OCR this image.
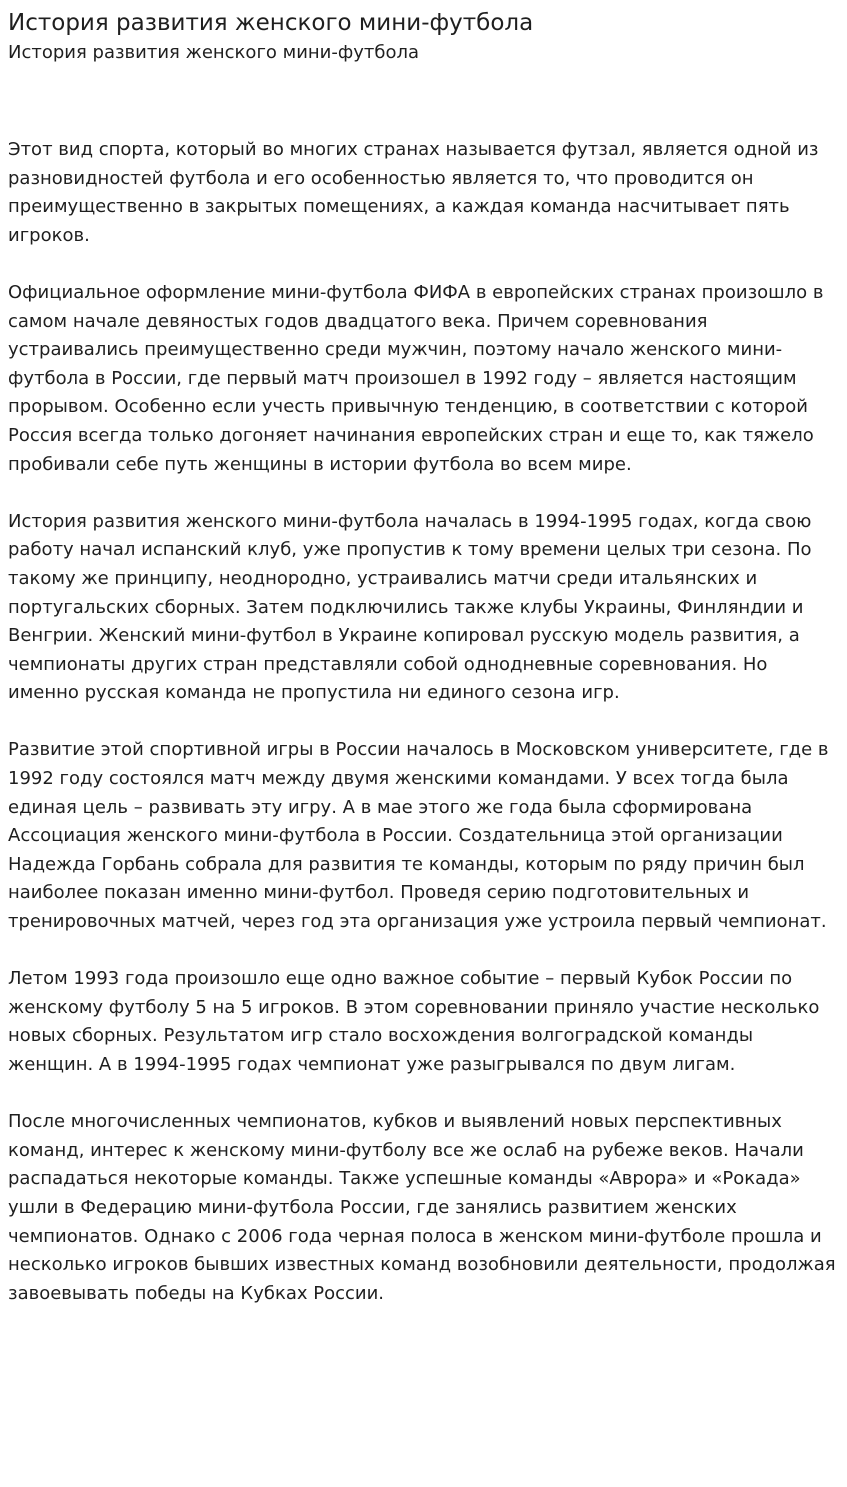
История развития женского мини-футбола
История развития женского мини-футбола

Этот вид спорта, который во многих странах называется футзал, является одной из разновидностей футбола и его особенностью является то, что проводится он преимущественно в закрытых помещениях, а каждая команда насчитывает пять игроков.

Официальное оформление мини-футбола ФИФА в европейских странах произошло в самом начале девяностых годов двадцатого века. Причем соревнования устраивались преимущественно среди мужчин, поэтому начало женского мини-футбола в России, где первый матч произошел в 1992 году – является настоящим прорывом. Особенно если учесть привычную тенденцию, в соответствии с которой Россия всегда только догоняет начинания европейских стран и еще то, как тяжело пробивали себе путь женщины в истории футбола во всем мире.

История развития женского мини-футбола началась в 1994-1995 годах, когда свою работу начал испанский клуб, уже пропустив к тому времени целых три сезона. По такому же принципу, неоднородно, устраивались матчи среди итальянских и португальских сборных. Затем подключились также клубы Украины, Финляндии и Венгрии. Женский мини-футбол в Украине копировал русскую модель развития, а чемпионаты других стран представляли собой однодневные соревнования. Но именно русская команда не пропустила ни единого сезона игр.

Развитие этой спортивной игры в России началось в Московском университете, где в 1992 году состоялся матч между двумя женскими командами. У всех тогда была единая цель – развивать эту игру. А в мае этого же года была сформирована Ассоциация женского мини-футбола в России. Создательница этой организации Надежда Горбань собрала для развития те команды, которым по ряду причин был наиболее показан именно мини-футбол. Проведя серию подготовительных и тренировочных матчей, через год эта организация уже устроила первый чемпионат.

Летом 1993 года произошло еще одно важное событие – первый Кубок России по женскому футболу 5 на 5 игроков. В этом соревновании приняло участие несколько новых сборных. Результатом игр стало восхождения волгоградской команды женщин. А в 1994-1995 годах чемпионат уже разыгрывался по двум лигам.

После многочисленных чемпионатов, кубков и выявлений новых перспективных команд, интерес к женскому мини-футболу все же ослаб на рубеже веков. Начали распадаться некоторые команды. Также успешные команды «Аврора» и «Рокада» ушли в Федерацию мини-футбола России, где занялись развитием женских чемпионатов. Однако с 2006 года черная полоса в женском мини-футболе прошла и несколько игроков бывших известных команд возобновили деятельности, продолжая завоевывать победы на Кубках России.
